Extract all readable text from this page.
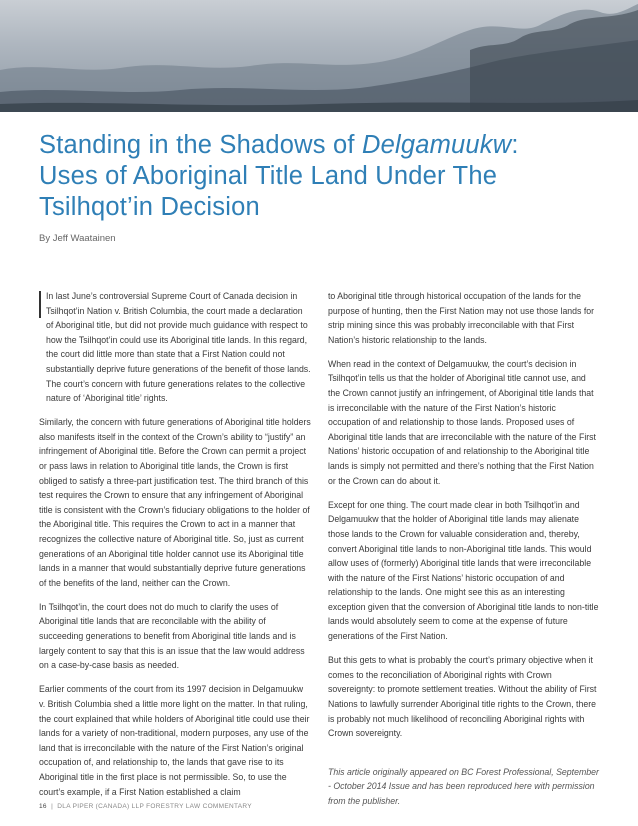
Standing in the Shadows of Delgamuukw:
Uses of Aboriginal Title Land Under The
Tsilhqot’in Decision
By Jeff Waatainen

In last June’s controversial Supreme Court of Canada decision in Tsilhqot’in Nation v. British Columbia, the court made a declaration of Aboriginal title, but did not provide much guidance with respect to how the Tsilhqot’in could use its Aboriginal title lands. In this regard, the court did little more than state that a First Nation could not substantially deprive future generations of the benefit of those lands. The court’s concern with future generations relates to the collective nature of ‘Aboriginal title’ rights.

Similarly, the concern with future generations of Aboriginal title holders also manifests itself in the context of the Crown’s ability to “justify” an infringement of Aboriginal title. Before the Crown can permit a project or pass laws in relation to Aboriginal title lands, the Crown is first obliged to satisfy a three-part justification test. The third branch of this test requires the Crown to ensure that any infringement of Aboriginal title is consistent with the Crown’s fiduciary obligations to the holder of the Aboriginal title. This requires the Crown to act in a manner that recognizes the collective nature of Aboriginal title. So, just as current generations of an Aboriginal title holder cannot use its Aboriginal title lands in a manner that would substantially deprive future generations of the benefits of the land, neither can the Crown.

In Tsilhqot’in, the court does not do much to clarify the uses of Aboriginal title lands that are reconcilable with the ability of succeeding generations to benefit from Aboriginal title lands and is largely content to say that this is an issue that the law would address on a case-by-case basis as needed.

Earlier comments of the court from its 1997 decision in Delgamuukw v. British Columbia shed a little more light on the matter. In that ruling, the court explained that while holders of Aboriginal title could use their lands for a variety of non-traditional, modern purposes, any use of the land that is irreconcilable with the nature of the First Nation’s original occupation of, and relationship to, the lands that gave rise to its Aboriginal title in the first place is not permissible. So, to use the court’s example, if a First Nation established a claim

to Aboriginal title through historical occupation of the lands for the purpose of hunting, then the First Nation may not use those lands for strip mining since this was probably irreconcilable with that First Nation’s historic relationship to the lands.

When read in the context of Delgamuukw, the court’s decision in Tsilhqot’in tells us that the holder of Aboriginal title cannot use, and the Crown cannot justify an infringement, of Aboriginal title lands that is irreconcilable with the nature of the First Nation’s historic occupation of and relationship to those lands. Proposed uses of Aboriginal title lands that are irreconcilable with the nature of the First Nations’ historic occupation of and relationship to the Aboriginal title lands is simply not permitted and there’s nothing that the First Nation or the Crown can do about it.

Except for one thing. The court made clear in both Tsilhqot’in and Delgamuukw that the holder of Aboriginal title lands may alienate those lands to the Crown for valuable consideration and, thereby, convert Aboriginal title lands to non-Aboriginal title lands. This would allow uses of (formerly) Aboriginal title lands that were irreconcilable with the nature of the First Nations’ historic occupation of and relationship to the lands. One might see this as an interesting exception given that the conversion of Aboriginal title lands to non-title lands would absolutely seem to come at the expense of future generations of the First Nation.

But this gets to what is probably the court’s primary objective when it comes to the reconciliation of Aboriginal rights with Crown sovereignty: to promote settlement treaties. Without the ability of First Nations to lawfully surrender Aboriginal title rights to the Crown, there is probably not much likelihood of reconciling Aboriginal rights with Crown sovereignty.

This article originally appeared on BC Forest Professional, September - October 2014 Issue and has been reproduced here with permission from the publisher.

16 | DLA PIPER (CANADA) LLP FORESTRY LAW COMMENTARY
